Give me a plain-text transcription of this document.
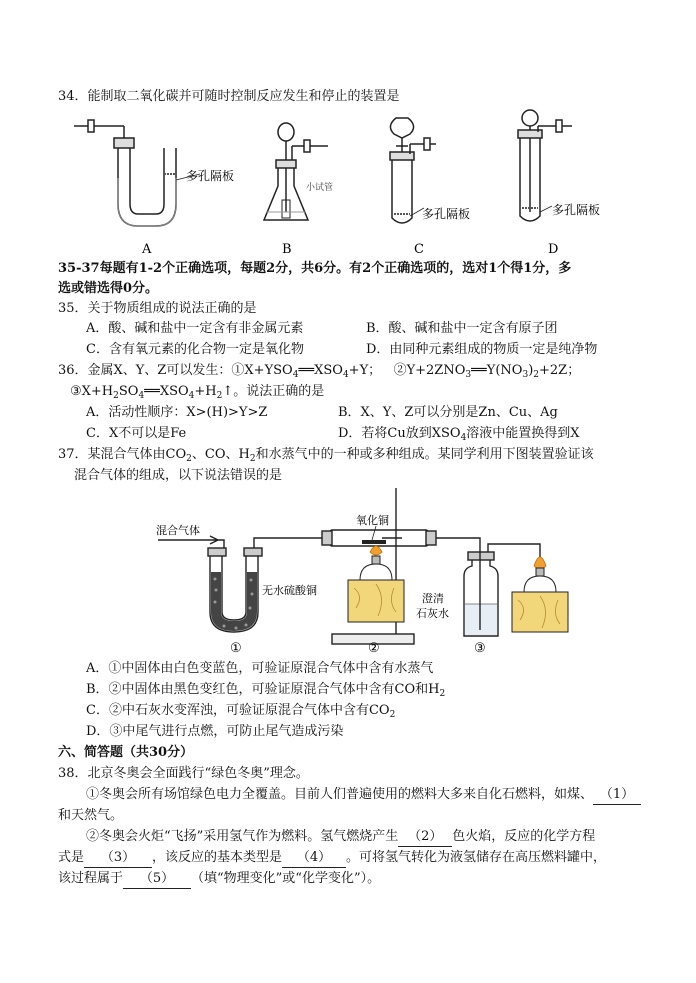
34．能制取二氧化碳并可随时控制反应发生和停止的装置是
多孔隔板
小试管
多孔隔板	多孔隔板
A	B	C	D
35-37每题有1-2个正确选项，每题2分，共6分。有2个正确选项的，选对1个得1分，多
选或错选得0分。
35．关于物质组成的说法正确的是
A．酸、碱和盐中一定含有非金属元素	B．酸、碱和盐中一定含有原子团
C．含有氧元素的化合物一定是氧化物	D．由同种元素组成的物质一定是纯净物
36．金属X、Y、Z可以发生：$①X+YSO_4══XSO_4+Y$； $②Y+2ZNO_3══Y(NO_3)_2+2Z$；
$③X+H_2SO_4══XSO_4+H_2↑$。说法正确的是
A．活动性顺序：X>(H)>Y>Z	B．X、Y、Z可以分别是Zn、Cu、Ag
C．X不可以是Fe	D．若将Cu放到$XSO_4$溶液中能置换得到X
37．某混合气体由$CO_2$、CO、$H_2$和水蒸气中的一种或多种组成。某同学利用下图装置验证该
混合气体的组成，以下说法错误的是
无水硫酸铜
混合气体
氧化铜
澄清
石灰水
①	②	③
A．①中固体由白色变蓝色，可验证原混合气体中含有水蒸气
B．②中固体由黑色变红色，可验证原混合气体中含有CO和$H_2$
C．②中石灰水变浑浊，可验证原混合气体中含有$CO_2$
D．③中尾气进行点燃，可防止尾气造成污染
六、简答题（共30分）
38．北京冬奥会全面践行“绿色冬奥”理念。
①冬奥会所有场馆绿色电力全覆盖。目前人们普遍使用的燃料大多来自化石燃料，如煤、 （1）
和天然气。
②冬奥会火炬“飞扬”采用氢气作为燃料。氢气燃烧产生 （2） 色火焰，反应的化学方程
式是 （3） ，该反应的基本类型是 （4） 。可将氢气转化为液氢储存在高压燃料罐中，
该过程属于 （5） （填“物理变化”或“化学变化”）。
